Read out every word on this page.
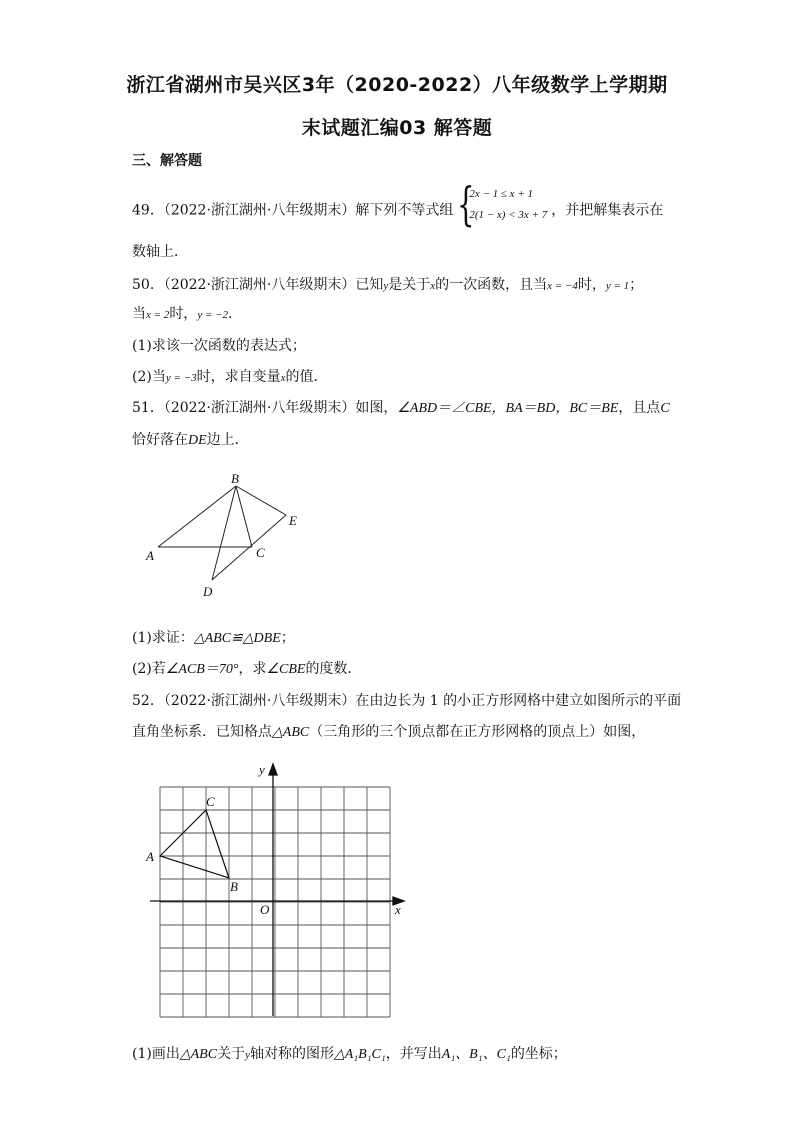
浙江省湖州市吴兴区3年（2020-2022）八年级数学上学期期
末试题汇编03 解答题
三、解答题
49．（2022·浙江湖州·八年级期末）解下列不等式组 {
2x − 1 ≤ x + 1
2(1 − x) < 3x + 7 ，并把解集表示在
数轴上．
50．（2022·浙江湖州·八年级期末）已知y是关于x的一次函数，且当x = −4时，y = 1；
当x = 2时，y = −2．
(1)求该一次函数的表达式；
(2)当y = −3时，求自变量x的值．
51．（2022·浙江湖州·八年级期末）如图，∠ABD＝∠CBE，BA＝BD，BC＝BE，且点C
恰好落在DE边上．
A
B
C
D
E
(1)求证：△ABC≌△DBE；
(2)若∠ACB＝70°，求∠CBE的度数．
52．（2022·浙江湖州·八年级期末）在由边长为 1 的小正方形网格中建立如图所示的平面
直角坐标系．已知格点△ABC（三角形的三个顶点都在正方形网格的顶点上）如图，
y
x
O
A
B
C
(1)画出△ABC关于y轴对称的图形△A₁B₁C₁，并写出A₁、B₁、C₁的坐标；
